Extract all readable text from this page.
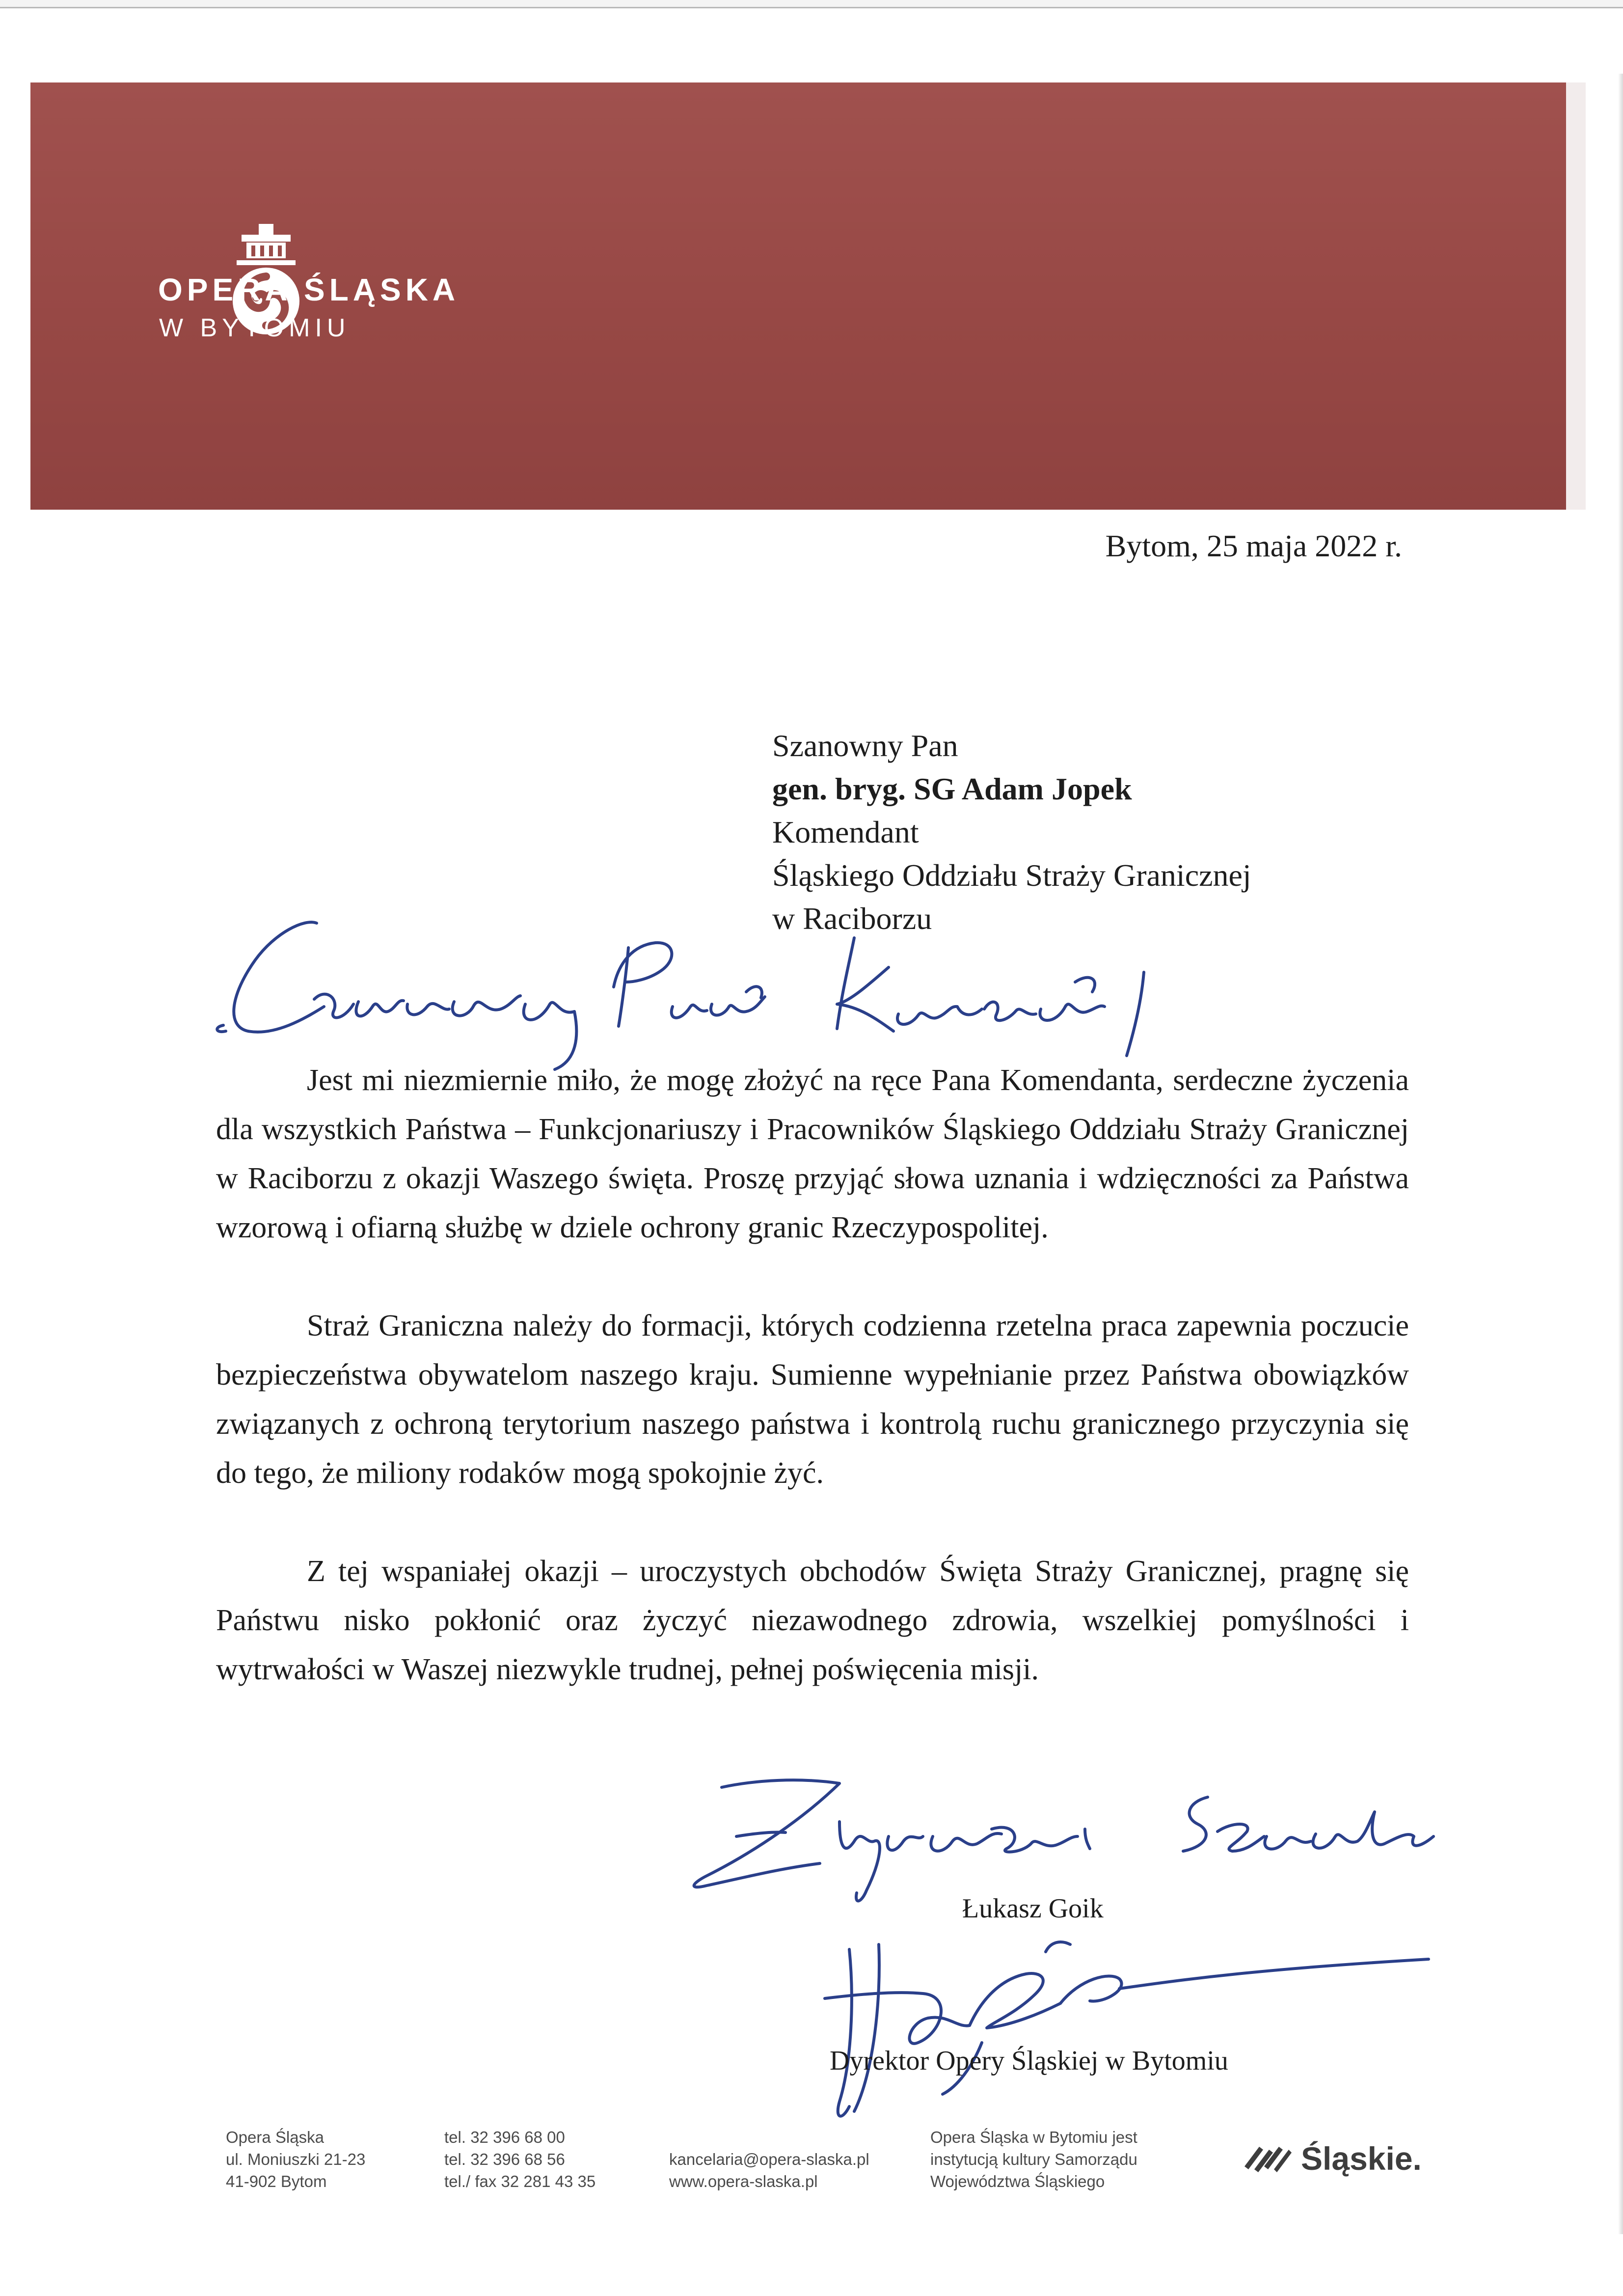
OPERA ŚLĄSKA
W BYTOMIU
Bytom, 25 maja 2022 r.
Szanowny Pan
gen. bryg. SG Adam Jopek
Komendant
Śląskiego Oddziału Straży Granicznej
w Raciborzu

Jest mi niezmiernie miło, że mogę złożyć na ręce Pana Komendanta, serdeczne życzenia dla wszystkich Państwa – Funkcjonariuszy i Pracowników Śląskiego Oddziału Straży Granicznej w Raciborzu z okazji Waszego święta. Proszę przyjąć słowa uznania i wdzięczności za Państwa wzorową i ofiarną służbę w dziele ochrony granic Rzeczypospolitej.

Straż Graniczna należy do formacji, których codzienna rzetelna praca zapewnia poczucie bezpieczeństwa obywatelom naszego kraju. Sumienne wypełnianie przez Państwa obowiązków związanych z ochroną terytorium naszego państwa i kontrolą ruchu granicznego przyczynia się do tego, że miliony rodaków mogą spokojnie żyć.

Z tej wspaniałej okazji – uroczystych obchodów Święta Straży Granicznej, pragnę się Państwu nisko pokłonić oraz życzyć niezawodnego zdrowia, wszelkiej pomyślności i wytrwałości w Waszej niezwykle trudnej, pełnej poświęcenia misji.

Łukasz Goik
Dyrektor Opery Śląskiej w Bytomiu
Opera Śląska
ul. Moniuszki 21-23
41-902 Bytom
tel. 32 396 68 00
tel. 32 396 68 56
tel./ fax 32 281 43 35
kancelaria@opera-slaska.pl
www.opera-slaska.pl
Opera Śląska w Bytomiu jest
instytucją kultury Samorządu
Województwa Śląskiego
Śląskie.
